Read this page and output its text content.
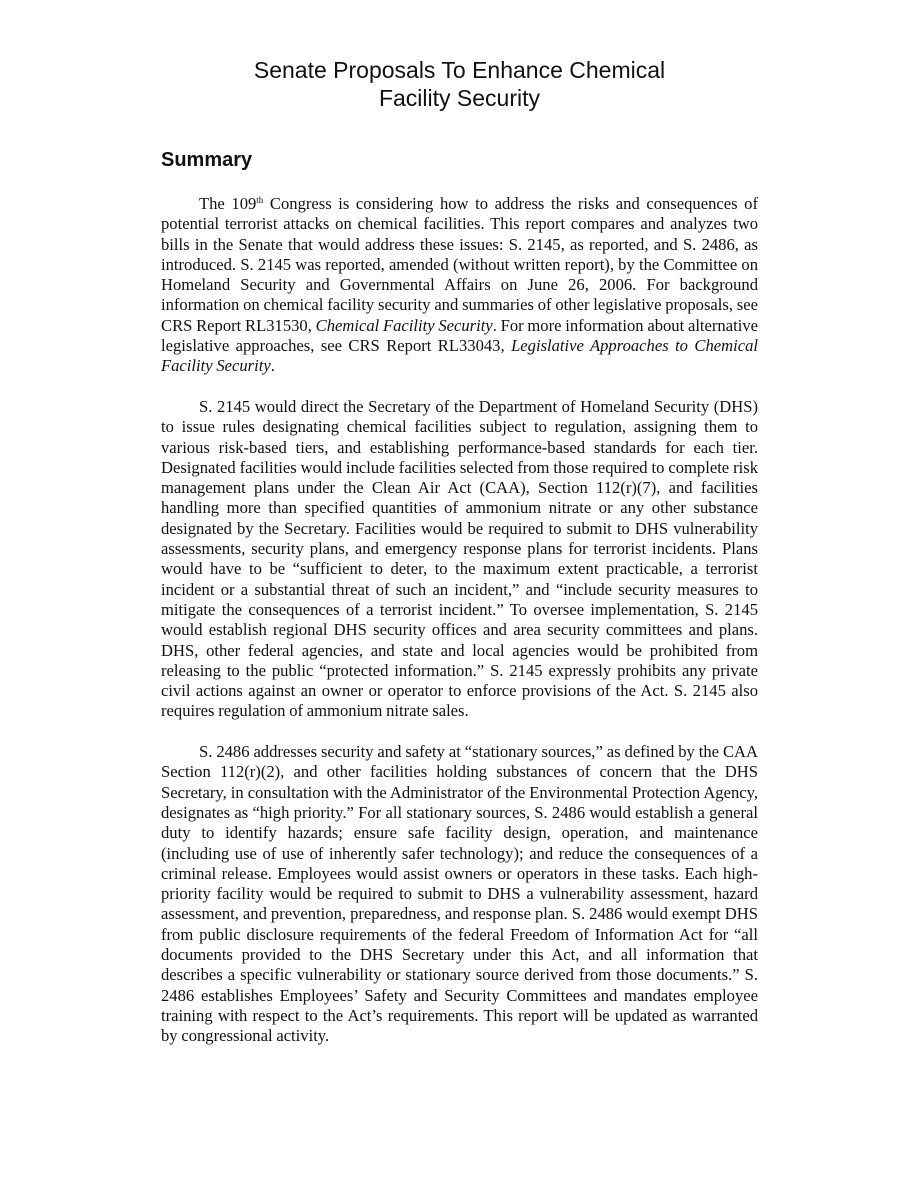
Senate Proposals To Enhance Chemical
Facility Security
Summary

The 109th Congress is considering how to address the risks and consequences of potential terrorist attacks on chemical facilities. This report compares and analyzes two bills in the Senate that would address these issues: S. 2145, as reported, and S. 2486, as introduced. S. 2145 was reported, amended (without written report), by the Committee on Homeland Security and Governmental Affairs on June 26, 2006. For background information on chemical facility security and summaries of other legislative proposals, see CRS Report RL31530, Chemical Facility Security. For more information about alternative legislative approaches, see CRS Report RL33043, Legislative Approaches to Chemical Facility Security.

S. 2145 would direct the Secretary of the Department of Homeland Security (DHS) to issue rules designating chemical facilities subject to regulation, assigning them to various risk-based tiers, and establishing performance-based standards for each tier. Designated facilities would include facilities selected from those required to complete risk management plans under the Clean Air Act (CAA), Section 112(r)(7), and facilities handling more than specified quantities of ammonium nitrate or any other substance designated by the Secretary. Facilities would be required to submit to DHS vulnerability assessments, security plans, and emergency response plans for terrorist incidents. Plans would have to be “sufficient to deter, to the maximum extent practicable, a terrorist incident or a substantial threat of such an incident,” and “include security measures to mitigate the consequences of a terrorist incident.” To oversee implementation, S. 2145 would establish regional DHS security offices and area security committees and plans. DHS, other federal agencies, and state and local agencies would be prohibited from releasing to the public “protected information.” S. 2145 expressly prohibits any private civil actions against an owner or operator to enforce provisions of the Act. S. 2145 also requires regulation of ammonium nitrate sales.

S. 2486 addresses security and safety at “stationary sources,” as defined by the CAA Section 112(r)(2), and other facilities holding substances of concern that the DHS Secretary, in consultation with the Administrator of the Environmental Protection Agency, designates as “high priority.” For all stationary sources, S. 2486 would establish a general duty to identify hazards; ensure safe facility design, operation, and maintenance (including use of use of inherently safer technology); and reduce the consequences of a criminal release. Employees would assist owners or operators in these tasks. Each high-priority facility would be required to submit to DHS a vulnerability assessment, hazard assessment, and prevention, preparedness, and response plan. S. 2486 would exempt DHS from public disclosure requirements of the federal Freedom of Information Act for “all documents provided to the DHS Secretary under this Act, and all information that describes a specific vulnerability or stationary source derived from those documents.” S. 2486 establishes Employees’ Safety and Security Committees and mandates employee training with respect to the Act’s requirements. This report will be updated as warranted by congressional activity.
